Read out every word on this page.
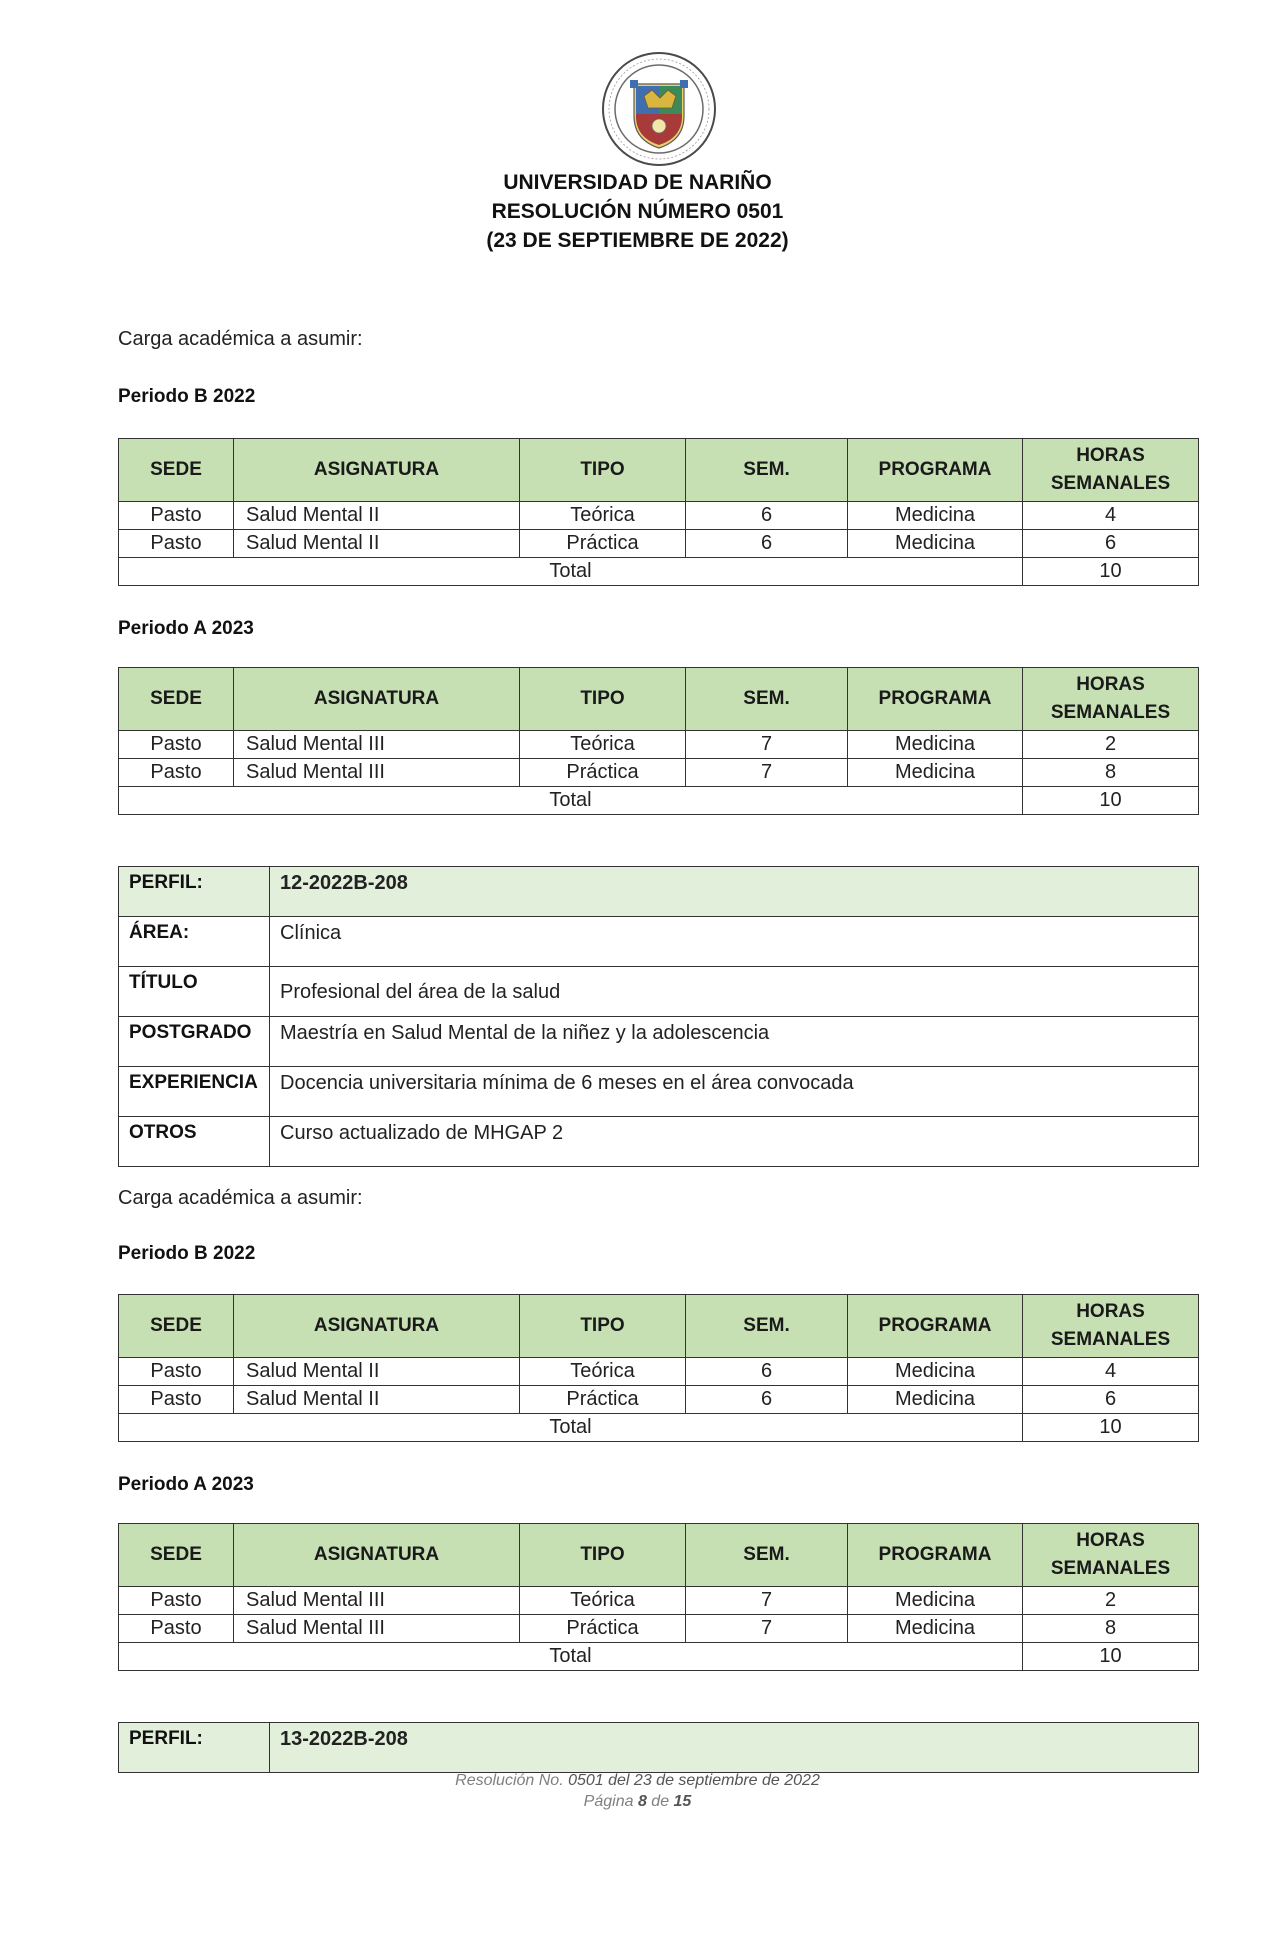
UNIVERSIDAD DE NARIÑO
RESOLUCIÓN NÚMERO 0501
(23 DE SEPTIEMBRE DE 2022)
Carga académica a asumir:
Periodo B 2022
SEDE	ASIGNATURA	TIPO	SEM.	PROGRAMA	HORAS
SEMANALES
Pasto	Salud Mental II	Teórica	6	Medicina	4
Pasto	Salud Mental II	Práctica	6	Medicina	6
Total					10
Periodo A 2023
SEDE	ASIGNATURA	TIPO	SEM.	PROGRAMA	HORAS
SEMANALES
Pasto	Salud Mental III	Teórica	7	Medicina	2
Pasto	Salud Mental III	Práctica	7	Medicina	8
Total					10
PERFIL:	12-2022B-208
ÁREA:	Clínica
TÍTULO	Profesional del área de la salud
POSTGRADO	Maestría en Salud Mental de la niñez y la adolescencia
EXPERIENCIA	Docencia universitaria mínima de 6 meses en el área convocada
OTROS	Curso actualizado de MHGAP 2
Carga académica a asumir:
Periodo B 2022
SEDE	ASIGNATURA	TIPO	SEM.	PROGRAMA	HORAS
SEMANALES
Pasto	Salud Mental II	Teórica	6	Medicina	4
Pasto	Salud Mental II	Práctica	6	Medicina	6
Total					10
Periodo A 2023
SEDE	ASIGNATURA	TIPO	SEM.	PROGRAMA	HORAS
SEMANALES
Pasto	Salud Mental III	Teórica	7	Medicina	2
Pasto	Salud Mental III	Práctica	7	Medicina	8
Total					10
PERFIL:	13-2022B-208
Resolución No. 0501 del 23 de septiembre de 2022
Página 8 de 15
